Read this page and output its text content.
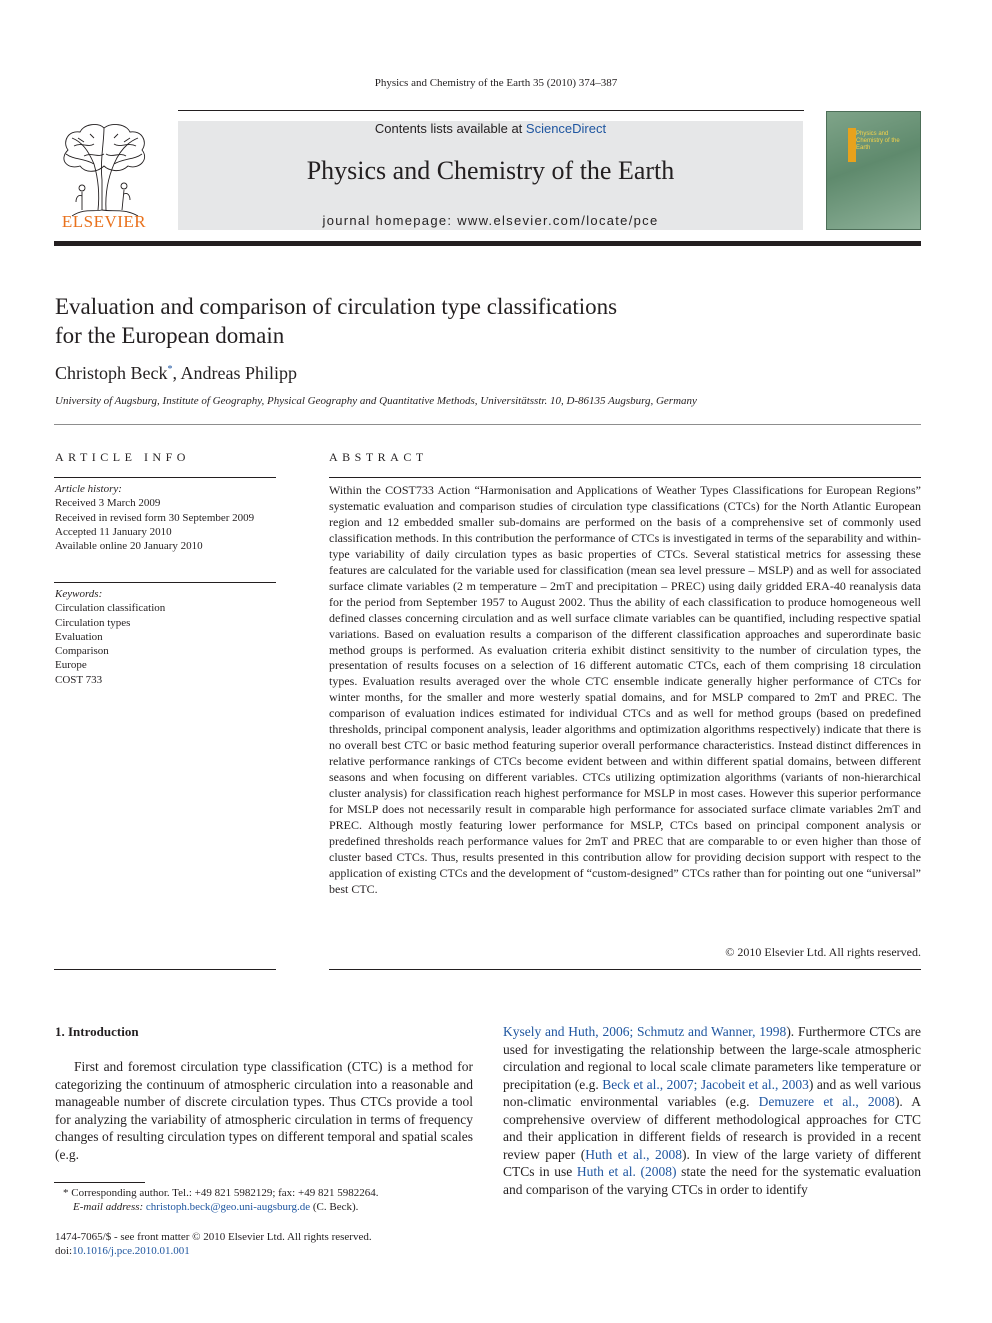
Physics and Chemistry of the Earth 35 (2010) 374–387
ELSEVIER
Contents lists available at ScienceDirect
Physics and Chemistry of the Earth
journal homepage: www.elsevier.com/locate/pce
Physics and Chemistry of the Earth
Evaluation and comparison of circulation type classifications
for the European domain
Christoph Beck*, Andreas Philipp
University of Augsburg, Institute of Geography, Physical Geography and Quantitative Methods, Universitätsstr. 10, D-86135 Augsburg, Germany
ARTICLE INFO	ABSTRACT
Article history:
Received 3 March 2009
Received in revised form 30 September 2009
Accepted 11 January 2010
Available online 20 January 2010
Keywords:
Circulation classification
Circulation types
Evaluation
Comparison
Europe
COST 733
Within the COST733 Action “Harmonisation and Applications of Weather Types Classifications for European Regions” systematic evaluation and comparison studies of circulation type classifications (CTCs) for the North Atlantic European region and 12 embedded smaller sub-domains are performed on the basis of a comprehensive set of commonly used classification methods. In this contribution the performance of CTCs is investigated in terms of the separability and within-type variability of daily circulation types as basic properties of CTCs. Several statistical metrics for assessing these features are calculated for the variable used for classification (mean sea level pressure – MSLP) and as well for associated surface climate variables (2 m temperature – 2mT and precipitation – PREC) using daily gridded ERA-40 reanalysis data for the period from September 1957 to August 2002. Thus the ability of each classification to produce homogeneous well defined classes concerning circulation and as well surface climate variables can be quantified, including respective spatial variations. Based on evaluation results a comparison of the different classification approaches and superordinate basic method groups is performed. As evaluation criteria exhibit distinct sensitivity to the number of circulation types, the presentation of results focuses on a selection of 16 different automatic CTCs, each of them comprising 18 circulation types. Evaluation results averaged over the whole CTC ensemble indicate generally higher performance of CTCs for winter months, for the smaller and more westerly spatial domains, and for MSLP compared to 2mT and PREC. The comparison of evaluation indices estimated for individual CTCs and as well for method groups (based on predefined thresholds, principal component analysis, leader algorithms and optimization algorithms respectively) indicate that there is no overall best CTC or basic method featuring superior overall performance characteristics. Instead distinct differences in relative performance rankings of CTCs become evident between and within different spatial domains, between different seasons and when focusing on different variables. CTCs utilizing optimization algorithms (variants of non-hierarchical cluster analysis) for classification reach highest performance for MSLP in most cases. However this superior performance for MSLP does not necessarily result in comparable high performance for associated surface climate variables 2mT and PREC. Although mostly featuring lower performance for MSLP, CTCs based on principal component analysis or predefined thresholds reach performance values for 2mT and PREC that are comparable to or even higher than those of cluster based CTCs. Thus, results presented in this contribution allow for providing decision support with respect to the application of existing CTCs and the development of “custom-designed” CTCs rather than for pointing out one “universal” best CTC.
© 2010 Elsevier Ltd. All rights reserved.
1. Introduction
First and foremost circulation type classification (CTC) is a method for categorizing the continuum of atmospheric circulation into a reasonable and manageable number of discrete circulation types. Thus CTCs provide a tool for analyzing the variability of atmospheric circulation in terms of frequency changes of resulting circulation types on different temporal and spatial scales (e.g.
Kysely and Huth, 2006; Schmutz and Wanner, 1998). Furthermore CTCs are used for investigating the relationship between the large-scale atmospheric circulation and regional to local scale climate parameters like temperature or precipitation (e.g. Beck et al., 2007; Jacobeit et al., 2003) and as well various non-climatic environmental variables (e.g. Demuzere et al., 2008). A comprehensive overview of different methodological approaches for CTC and their application in different fields of research is provided in a recent review paper (Huth et al., 2008). In view of the large variety of different CTCs in use Huth et al. (2008) state the need for the systematic evaluation and comparison of the varying CTCs in order to identify
* Corresponding author. Tel.: +49 821 5982129; fax: +49 821 5982264.
E-mail address: christoph.beck@geo.uni-augsburg.de (C. Beck).
1474-7065/$ - see front matter © 2010 Elsevier Ltd. All rights reserved.
doi:10.1016/j.pce.2010.01.001
